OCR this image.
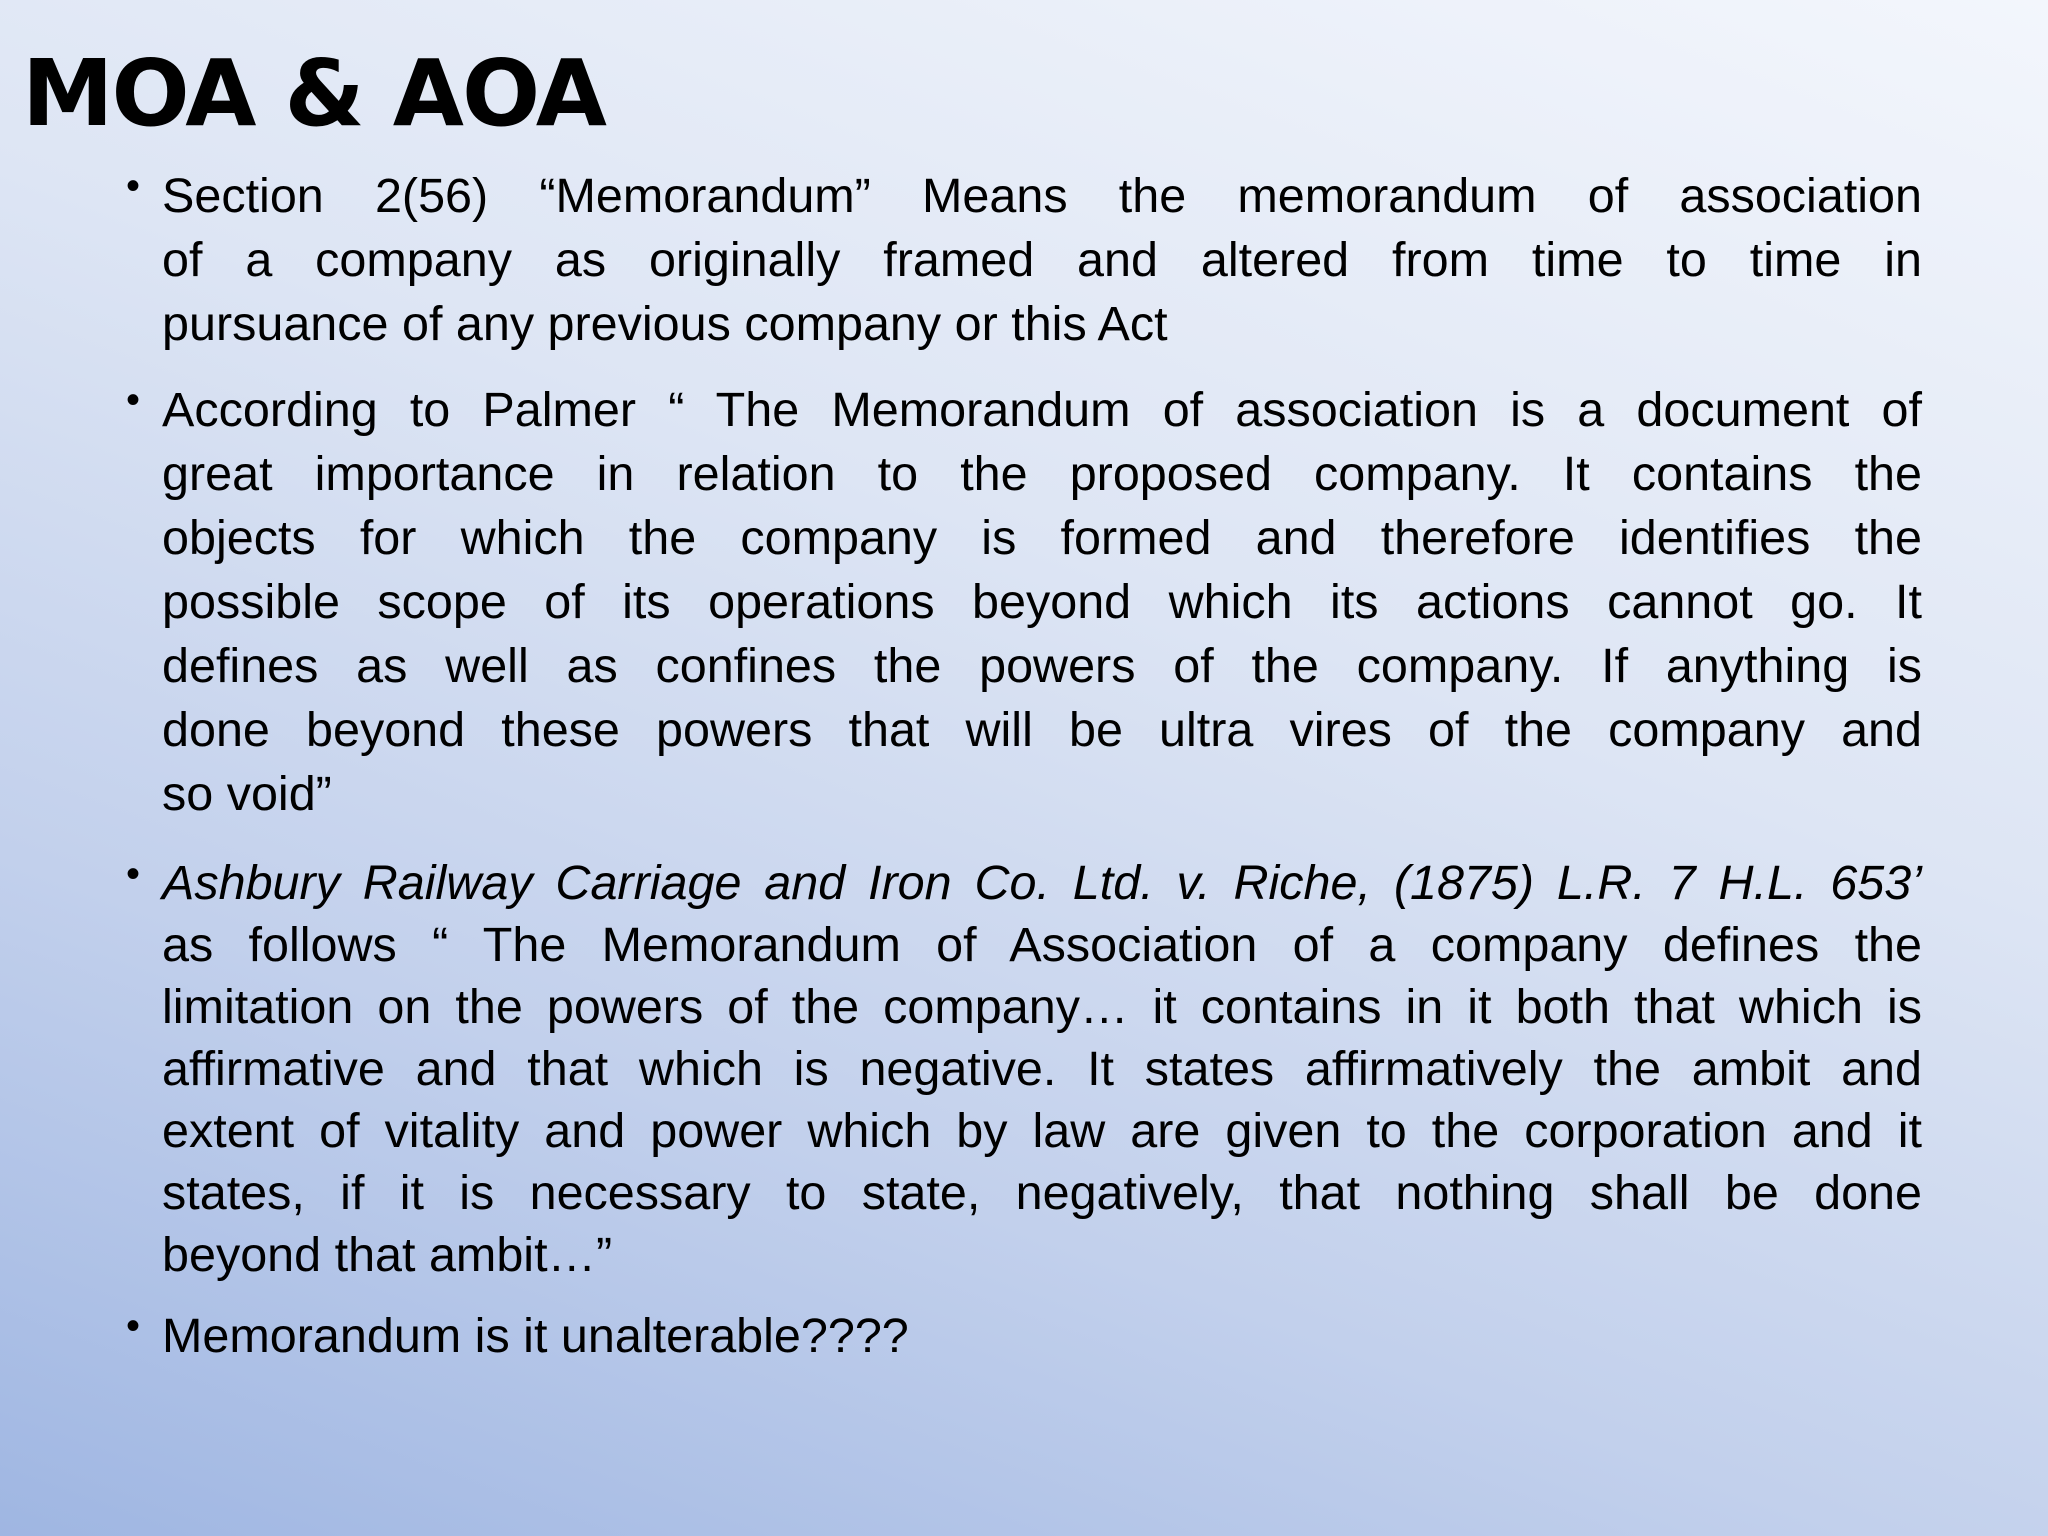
MOA & AOA
• Section 2(56) “Memorandum” Means the memorandum of association
of a company as originally framed and altered from time to time in
pursuance of any previous company or this Act
• According to Palmer “ The Memorandum of association is a document of
great importance in relation to the proposed company. It contains the
objects for which the company is formed and therefore identifies the
possible scope of its operations beyond which its actions cannot go. It
defines as well as confines the powers of the company. If anything is
done beyond these powers that will be ultra vires of the company and
so void”
• Ashbury Railway Carriage and Iron Co. Ltd. v. Riche, (1875) L.R. 7 H.L. 653’
as follows “ The Memorandum of Association of a company defines the
limitation on the powers of the company… it contains in it both that which is
affirmative and that which is negative. It states affirmatively the ambit and
extent of vitality and power which by law are given to the corporation and it
states, if it is necessary to state, negatively, that nothing shall be done
beyond that ambit…”
• Memorandum is it unalterable????
